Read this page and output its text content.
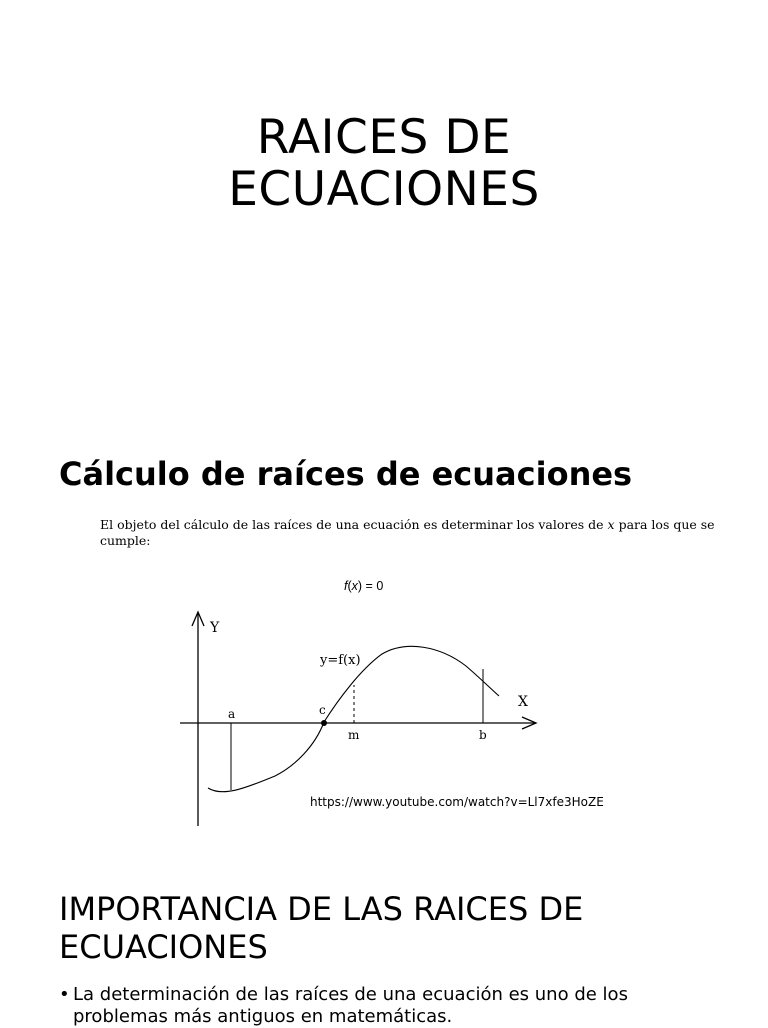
RAICES DE
ECUACIONES
Cálculo de raíces de ecuaciones

El objeto del cálculo de las raíces de una ecuación es determinar los valores de x para los que se cumple:

f(x) = 0

Y
X
y=f(x)
a	c
m	b

https://www.youtube.com/watch?v=Ll7xfe3HoZE

IMPORTANCIA DE LAS RAICES DE
ECUACIONES
• La determinación de las raíces de una ecuación es uno de los problemas más antiguos en matemáticas.
